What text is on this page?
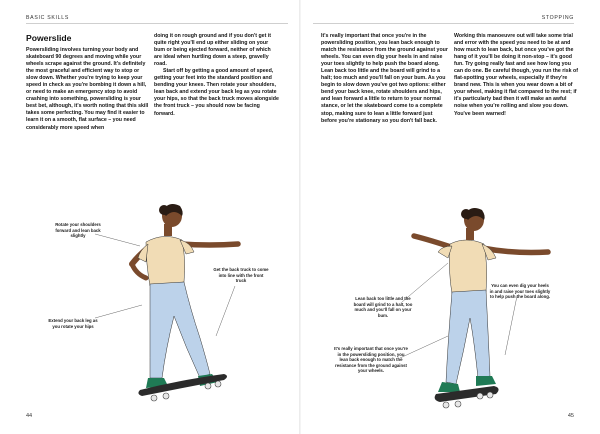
BASIC SKILLS	STOPPING
Powerslide

Powersliding involves turning your body and skateboard 90 degrees and moving while your wheels scrape against the ground. It's definitely the most graceful and efficient way to stop or slow down. Whether you're trying to keep your speed in check as you're bombing it down a hill, or need to make an emergency stop to avoid crashing into something, powersliding is your best bet, although, it's worth noting that this skill takes some perfecting. You may find it easier to learn it on a smooth, flat surface – you need considerably more speed when

doing it on rough ground and if you don't get it quite right you'll end up either sliding on your bum or being ejected forward, neither of which are ideal when hurtling down a steep, gravelly road.

Start off by getting a good amount of speed, getting your feet into the standard position and bending your knees. Then rotate your shoulders, lean back and extend your back leg as you rotate your hips, so that the back truck moves alongside the front truck – you should now be facing forward.

It's really important that once you're in the powersliding position, you lean back enough to match the resistance from the ground against your wheels. You can even dig your heels in and raise your toes slightly to help push the board along. Lean back too little and the board will grind to a halt; too much and you'll fall on your bum. As you begin to slow down you've got two options: either bend your back knee, rotate shoulders and hips, and lean forward a little to return to your normal stance, or let the skateboard come to a complete stop, making sure to lean a little forward just before you're stationary so you don't fall back.

Working this manoeuvre out will take some trial and error with the speed you need to be at and how much to lean back, but once you've got the hang of it you'll be doing it non-stop – it's good fun. Try going really fast and see how long you can do one. Be careful though, you run the risk of flat-spotting your wheels, especially if they're brand new. This is when you wear down a bit of your wheel, making it flat compared to the rest; if it's particularly bad then it will make an awful noise when you're rolling and slow you down. You've been warned!

Rotate your shoulders forward and lean back slightly
Get the back truck to come into line with the front truck
Extend your back leg as you rotate your hips
Lean back too little and the board will grind to a halt, too much and you'll fall on your bum.
You can even dig your heels in and raise your toes slightly to help push the board along.
It's really important that once you're in the powersliding position, you lean back enough to match the resistance from the ground against your wheels.
44	45
